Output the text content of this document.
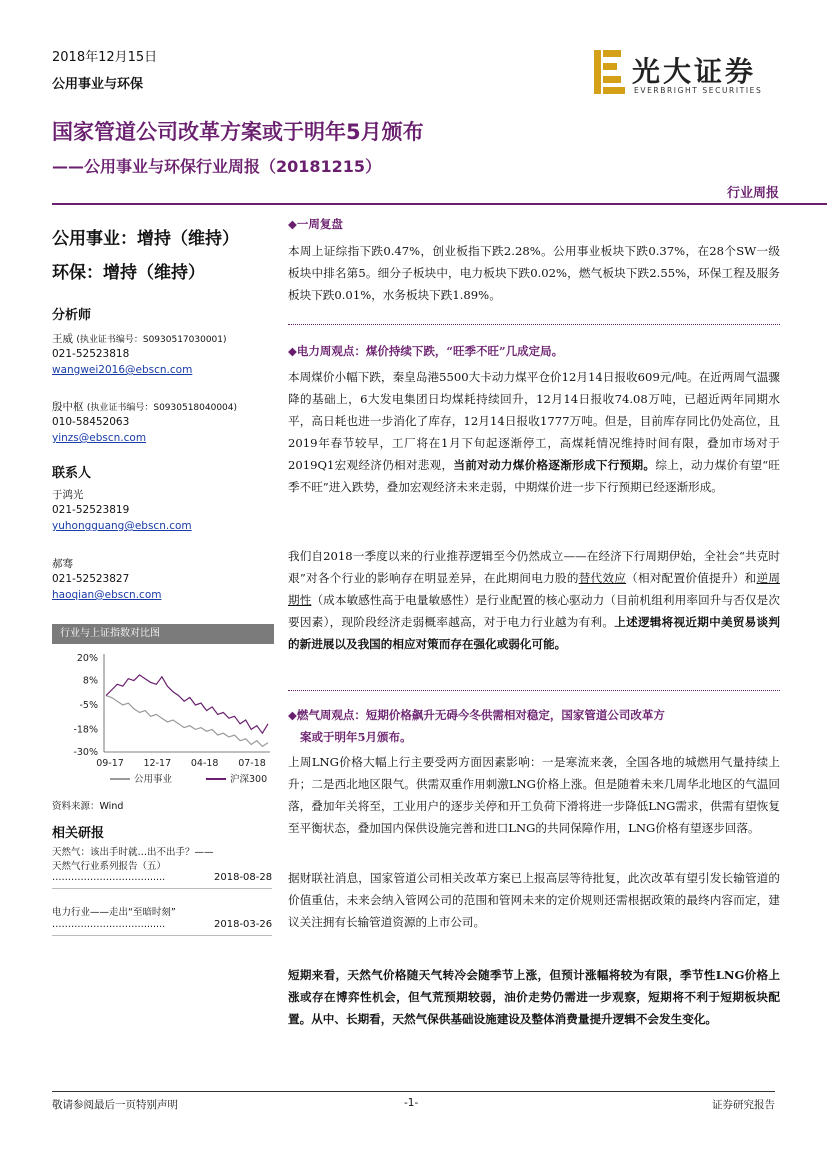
2018年12月15日
公用事业与环保	光大证券
EVERBRIGHT SECURITIES
国家管道公司改革方案或于明年5月颁布
——公用事业与环保行业周报（20181215）
行业周报
公用事业：增持（维持）
环保：增持（维持）
分析师
王威 (执业证书编号：S0930517030001)
021-52523818
wangwei2016@ebscn.com
殷中枢 (执业证书编号：S0930518040004)
010-58452063
yinzs@ebscn.com
联系人
于鸿光
021-52523819
yuhongguang@ebscn.com
郝骞
021-52523827
haoqian@ebscn.com
行业与上证指数对比图
20%
8%
-5%
-18%
-30%
09-17 12-17 04-18 07-18
公用事业	沪深300
资料来源：Wind
相关研报
天然气：该出手时就…出不出手？——
天然气行业系列报告（五）
…………………………......	2018-08-28
电力行业——走出“至暗时刻”
…………………………......	2018-03-26
◆一周复盘
本周上证综指下跌0.47%，创业板指下跌2.28%。公用事业板块下跌0.37%，在28个SW一级板块中排名第5。细分子板块中，电力板块下跌0.02%，燃气板块下跌2.55%，环保工程及服务板块下跌0.01%，水务板块下跌1.89%。
◆电力周观点：煤价持续下跌，“旺季不旺”几成定局。
本周煤价小幅下跌，秦皇岛港5500大卡动力煤平仓价12月14日报收609元/吨。在近两周气温骤降的基础上，6大发电集团日均煤耗持续回升，12月14日报收74.08万吨，已超近两年同期水平，高日耗也进一步消化了库存，12月14日报收1777万吨。但是，目前库存同比仍处高位，且2019年春节较早，工厂将在1月下旬起逐渐停工，高煤耗情况维持时间有限，叠加市场对于2019Q1宏观经济仍相对悲观，当前对动力煤价格逐渐形成下行预期。综上，动力煤价有望“旺季不旺”进入跌势，叠加宏观经济未来走弱，中期煤价进一步下行预期已经逐渐形成。
我们自2018一季度以来的行业推荐逻辑至今仍然成立——在经济下行周期伊始，全社会“共克时艰”对各个行业的影响存在明显差异，在此期间电力股的替代效应（相对配置价值提升）和逆周期性（成本敏感性高于电量敏感性）是行业配置的核心驱动力（目前机组利用率回升与否仅是次要因素），现阶段经济走弱概率越高，对于电力行业越为有利。上述逻辑将视近期中美贸易谈判的新进展以及我国的相应对策而存在强化或弱化可能。
◆燃气周观点：短期价格飙升无碍今冬供需相对稳定，国家管道公司改革方
案或于明年5月颁布。
上周LNG价格大幅上行主要受两方面因素影响：一是寒流来袭，全国各地的城燃用气量持续上升；二是西北地区限气。供需双重作用刺激LNG价格上涨。但是随着未来几周华北地区的气温回落，叠加年关将至，工业用户的逐步关停和开工负荷下滑将进一步降低LNG需求，供需有望恢复至平衡状态，叠加国内保供设施完善和进口LNG的共同保障作用，LNG价格有望逐步回落。
据财联社消息，国家管道公司相关改革方案已上报高层等待批复，此次改革有望引发长输管道的价值重估，未来会纳入管网公司的范围和管网未来的定价规则还需根据政策的最终内容而定，建议关注拥有长输管道资源的上市公司。
短期来看，天然气价格随天气转冷会随季节上涨，但预计涨幅将较为有限，季节性LNG价格上涨或存在博弈性机会，但气荒预期较弱，油价走势仍需进一步观察，短期将不利于短期板块配置。从中、长期看，天然气保供基础设施建设及整体消费量提升逻辑不会发生变化。
敬请参阅最后一页特别声明	-1-	证券研究报告
